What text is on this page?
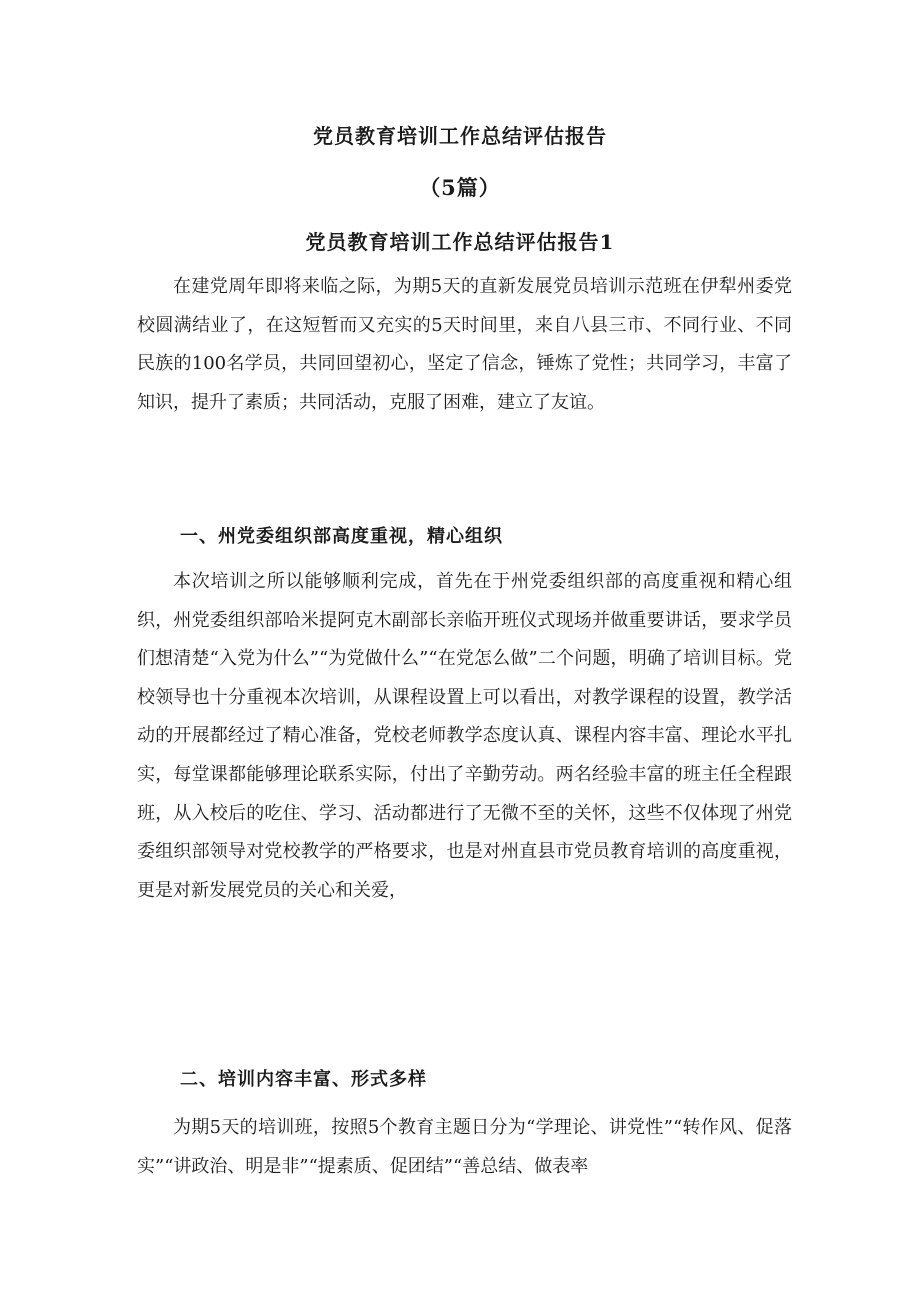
党员教育培训工作总结评估报告
（5篇）
党员教育培训工作总结评估报告1

在建党周年即将来临之际，为期5天的直新发展党员培训示范班在伊犁州委党校圆满结业了，在这短暂而又充实的5天时间里，来自八县三市、不同行业、不同民族的100名学员，共同回望初心，坚定了信念，锤炼了党性；共同学习，丰富了知识，提升了素质；共同活动，克服了困难，建立了友谊。

一、州党委组织部高度重视，精心组织

本次培训之所以能够顺利完成，首先在于州党委组织部的高度重视和精心组织，州党委组织部哈米提阿克木副部长亲临开班仪式现场并做重要讲话，要求学员们想清楚“入党为什么”“为党做什么”“在党怎么做”二个问题，明确了培训目标。党校领导也十分重视本次培训，从课程设置上可以看出，对教学课程的设置，教学活动的开展都经过了精心准备，党校老师教学态度认真、课程内容丰富、理论水平扎实，每堂课都能够理论联系实际，付出了辛勤劳动。两名经验丰富的班主任全程跟班，从入校后的吃住、学习、活动都进行了无微不至的关怀，这些不仅体现了州党委组织部领导对党校教学的严格要求，也是对州直县市党员教育培训的高度重视，更是对新发展党员的关心和关爱，

二、培训内容丰富、形式多样

为期5天的培训班，按照5个教育主题日分为“学理论、讲党性”“转作风、促落实”“讲政治、明是非”“提素质、促团结”“善总结、做表率
